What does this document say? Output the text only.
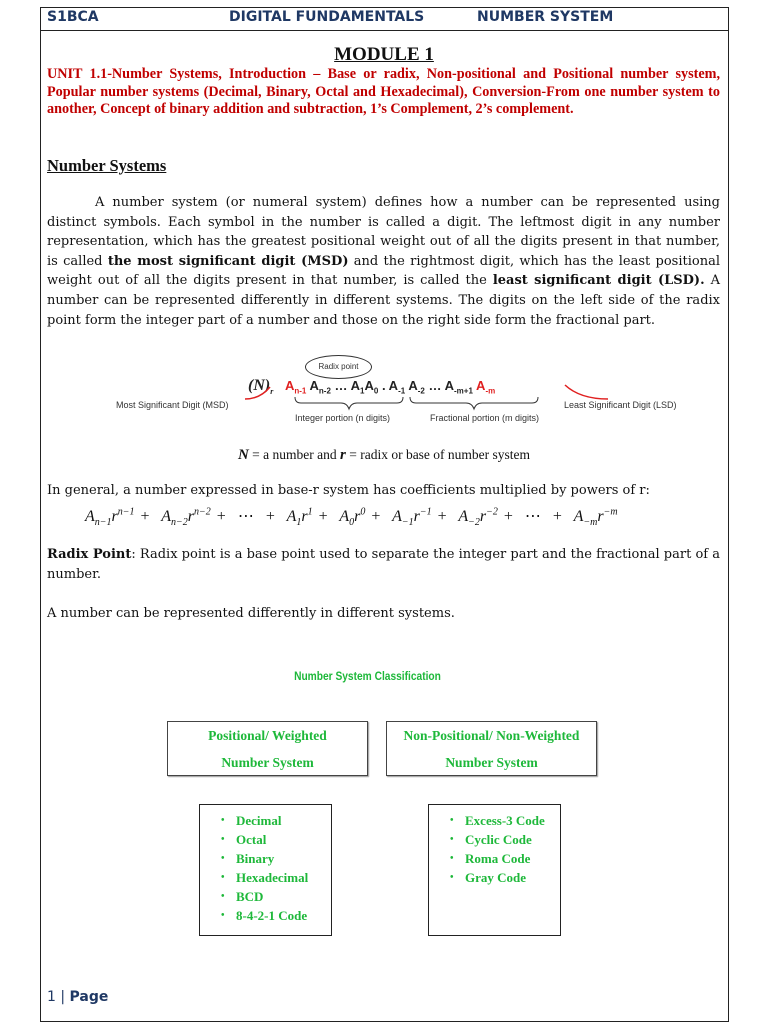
S1BCA	DIGITAL FUNDAMENTALS	NUMBER SYSTEM
MODULE 1
UNIT 1.1-Number Systems, Introduction – Base or radix, Non-positional and Positional number system, Popular number systems (Decimal, Binary, Octal and Hexadecimal), Conversion-From one number system to another, Concept of binary addition and subtraction, 1’s Complement, 2’s complement.
Number Systems
A number system (or numeral system) defines how a number can be represented using distinct symbols. Each symbol in the number is called a digit. The leftmost digit in any number representation, which has the greatest positional weight out of all the digits present in that number, is called the most significant digit (MSD) and the rightmost digit, which has the least positional weight out of all the digits present in that number, is called the least significant digit (LSD). A number can be represented differently in different systems. The digits on the left side of the radix point form the integer part of a number and those on the right side form the fractional part.
Radix point
$(N)_r$ $A_{n-1}$ $A_{n-2}$ … $A_1A_0$ . $A_{-1}$ $A_{-2}$ … $A_{-m+1}$ $A_{-m}$
Most Significant Digit (MSD)	Least Significant Digit (LSD)
Integer portion (n digits)	Fractional portion (m digits)
N = a number and r = radix or base of number system
In general, a number expressed in base-r system has coefficients multiplied by powers of r:
$A_{n-1}r^{n-1} + A_{n-2}r^{n-2}$ + ⋯ + $A_1r^1 + A_0r^0 + A_{-1}r^{-1} + A_{-2}r^{-2}$ + ⋯ + $A_{-m}r^{-m}$
Radix Point: Radix point is a base point used to separate the integer part and the fractional part of a number.
A number can be represented differently in different systems.
Number System Classification
Positional/ Weighted
Number System
Non-Positional/ Non-Weighted
Number System
• Decimal
• Octal
• Binary
• Hexadecimal
• BCD
• 8-4-2-1 Code
• Excess-3 Code
• Cyclic Code
• Roma Code
• Gray Code
1 | Page
